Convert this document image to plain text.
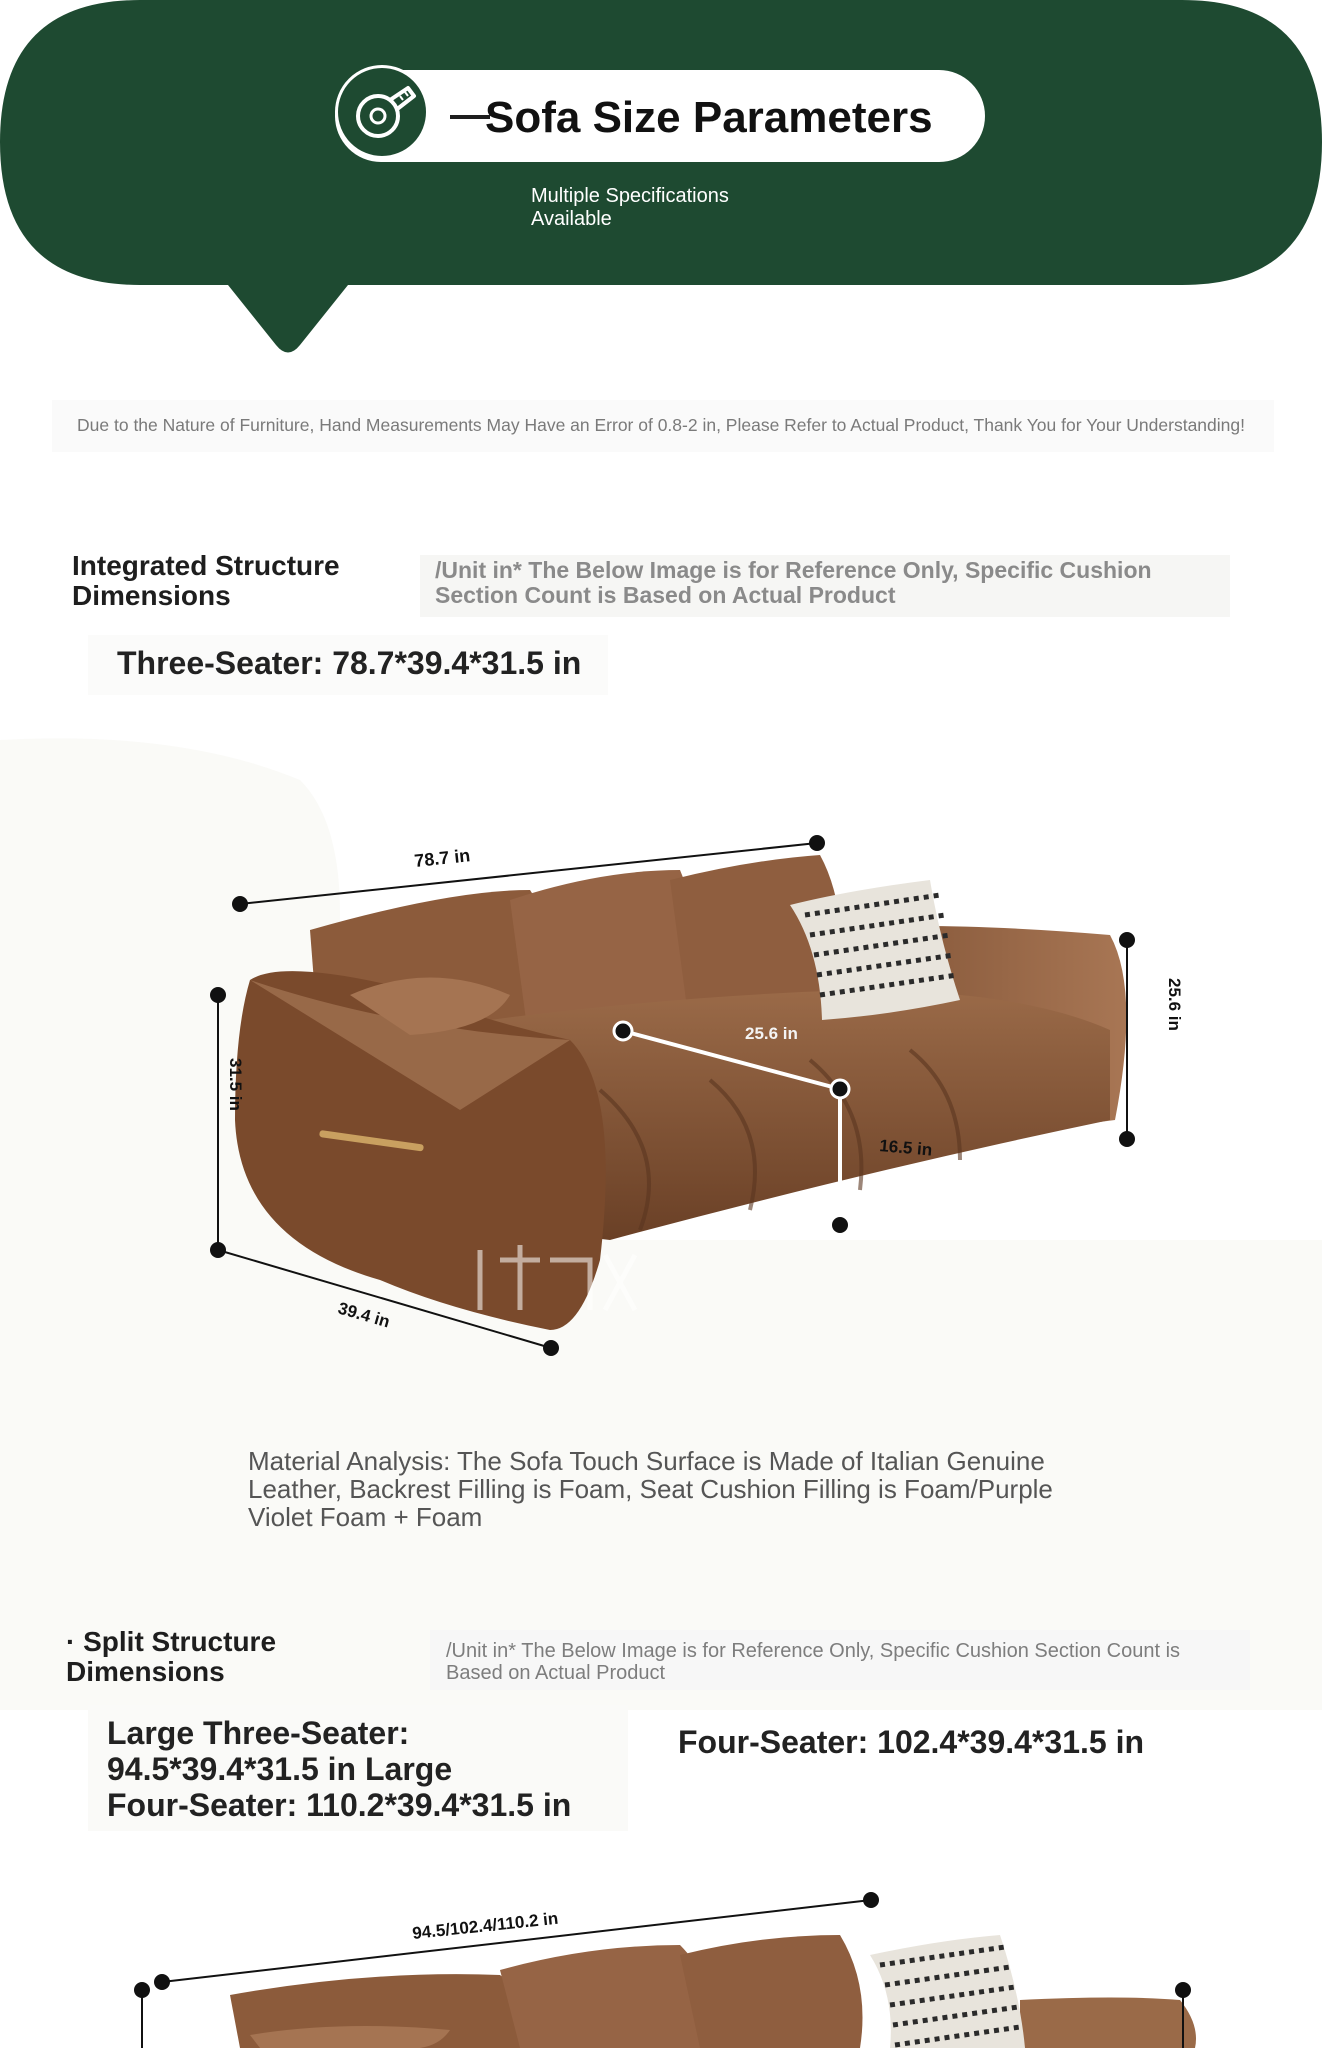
Sofa Size Parameters
Multiple Specifications Available
Due to the Nature of Furniture, Hand Measurements May Have an Error of 0.8-2 in, Please Refer to Actual Product, Thank You for Your Understanding!
Integrated Structure
Dimensions
/Unit in* The Below Image is for Reference Only, Specific Cushion Section Count is Based on Actual Product
Three-Seater: 78.7*39.4*31.5 in
78.7 in
31.5 in
39.4 in
25.6 in
25.6 in
16.5 in
Material Analysis: The Sofa Touch Surface is Made of Italian Genuine Leather, Backrest Filling is Foam, Seat Cushion Filling is Foam/Purple Violet Foam + Foam
· Split Structure
Dimensions
/Unit in* The Below Image is for Reference Only, Specific Cushion Section Count is Based on Actual Product
Large Three-Seater:
94.5*39.4*31.5 in Large
Four-Seater: 110.2*39.4*31.5 in
Four-Seater: 102.4*39.4*31.5 in
94.5/102.4/110.2 in
